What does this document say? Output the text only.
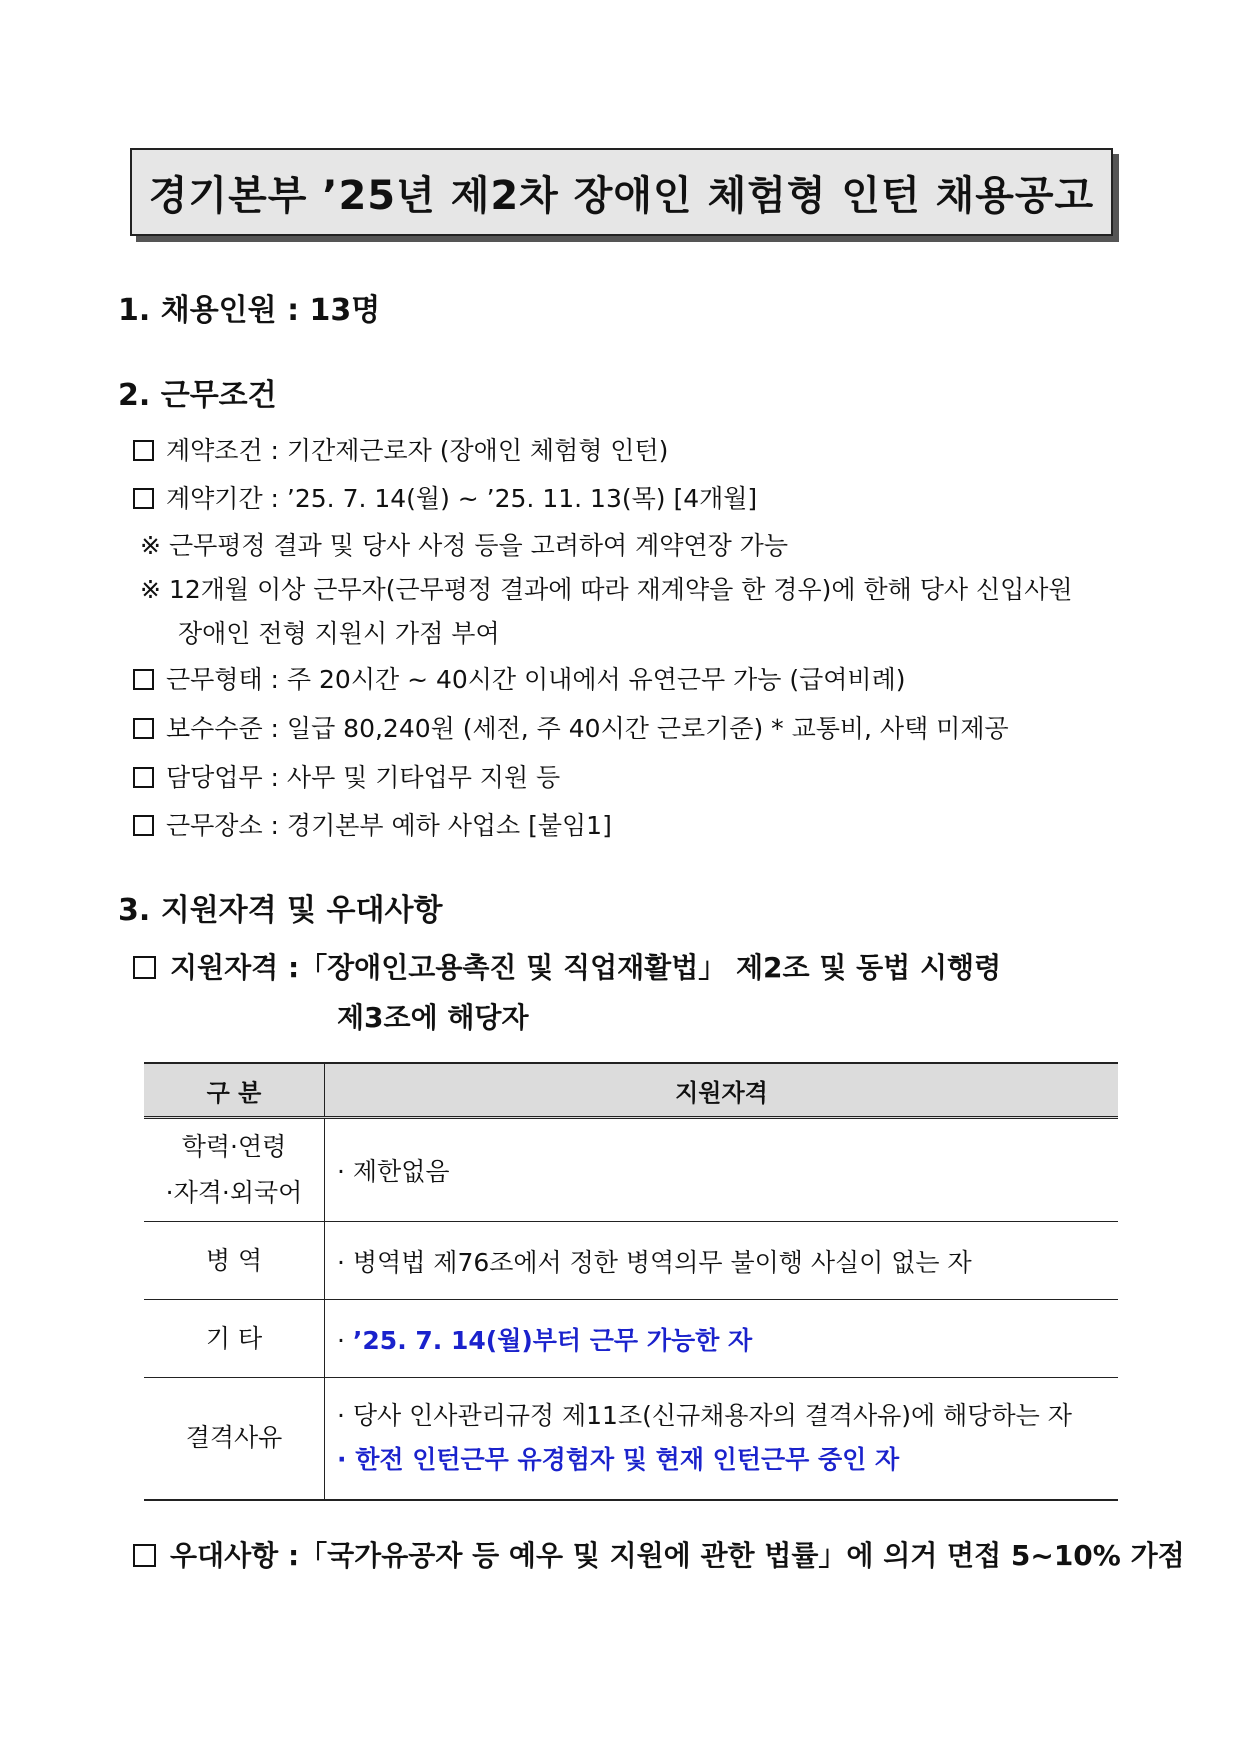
경기본부 ’25년 제2차 장애인 체험형 인턴 채용공고
1. 채용인원 : 13명
2. 근무조건
계약조건 : 기간제근로자 (장애인 체험형 인턴)
계약기간 : ’25. 7. 14(월) ~ ’25. 11. 13(목) [4개월]
※ 근무평정 결과 및 당사 사정 등을 고려하여 계약연장 가능
※ 12개월 이상 근무자(근무평정 결과에 따라 재계약을 한 경우)에 한해 당사 신입사원
장애인 전형 지원시 가점 부여
근무형태 : 주 20시간 ~ 40시간 이내에서 유연근무 가능 (급여비례)
보수수준 : 일급 80,240원 (세전, 주 40시간 근로기준) * 교통비, 사택 미제공
담당업무 : 사무 및 기타업무 지원 등
근무장소 : 경기본부 예하 사업소 [붙임1]
3. 지원자격 및 우대사항
지원자격 :「장애인고용촉진 및 직업재활법」 제2조 및 동법 시행령
제3조에 해당자
구 분	지원자격

학력·연령
·자격·외국어	· 제한없음
병 역	· 병역법 제76조에서 정한 병역의무 불이행 사실이 없는 자
기 타	· ’25. 7. 14(월)부터 근무 가능한 자
결격사유	· 당사 인사관리규정 제11조(신규채용자의 결격사유)에 해당하는 자
· 한전 인턴근무 유경험자 및 현재 인턴근무 중인 자
우대사항 :「국가유공자 등 예우 및 지원에 관한 법률」에 의거 면접 5~10% 가점
